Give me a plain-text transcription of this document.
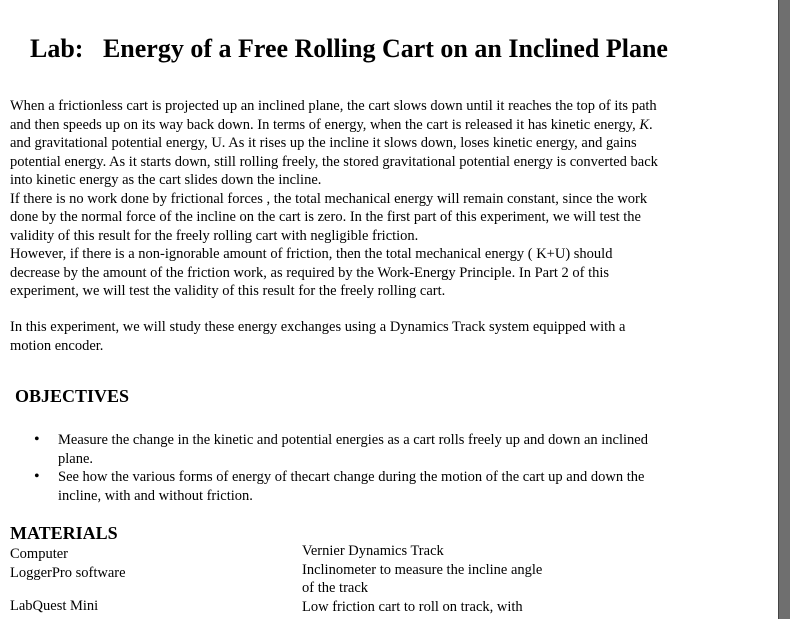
Lab:   Energy of a Free Rolling Cart on an Inclined Plane
When a frictionless cart is projected up an inclined plane, the cart slows down until it reaches the top of its path
and then speeds up on its way back down. In terms of energy, when the cart is released it has kinetic energy, K.
and gravitational potential energy, U. As it rises up the incline it slows down, loses kinetic energy, and gains
potential energy. As it starts down, still rolling freely, the stored gravitational potential energy is converted back
into kinetic energy as the cart slides down the incline.
If there is no work done by frictional forces , the total mechanical energy will remain constant, since the work
done by the normal force of the incline on the cart is zero. In the first part of this experiment, we will test the
validity of this result for the freely rolling cart with negligible friction.
However, if there is a non-ignorable amount of friction, then the total mechanical energy ( K+U) should
decrease by the amount of the friction work, as required by the Work-Energy Principle. In Part 2 of this
experiment, we will test the validity of this result for the freely rolling cart.
In this experiment, we will study these energy exchanges using a Dynamics Track system equipped with a
motion encoder.
OBJECTIVES
• Measure the change in the kinetic and potential energies as a cart rolls freely up and down an inclined
plane.
• See how the various forms of energy of thecart change during the motion of the cart up and down the
incline, with and without friction.
MATERIALS
Computer
LoggerPro software
LabQuest Mini
Vernier Dynamics Track
Inclinometer to measure the incline angle
of the track
Low friction cart to roll on track, with
